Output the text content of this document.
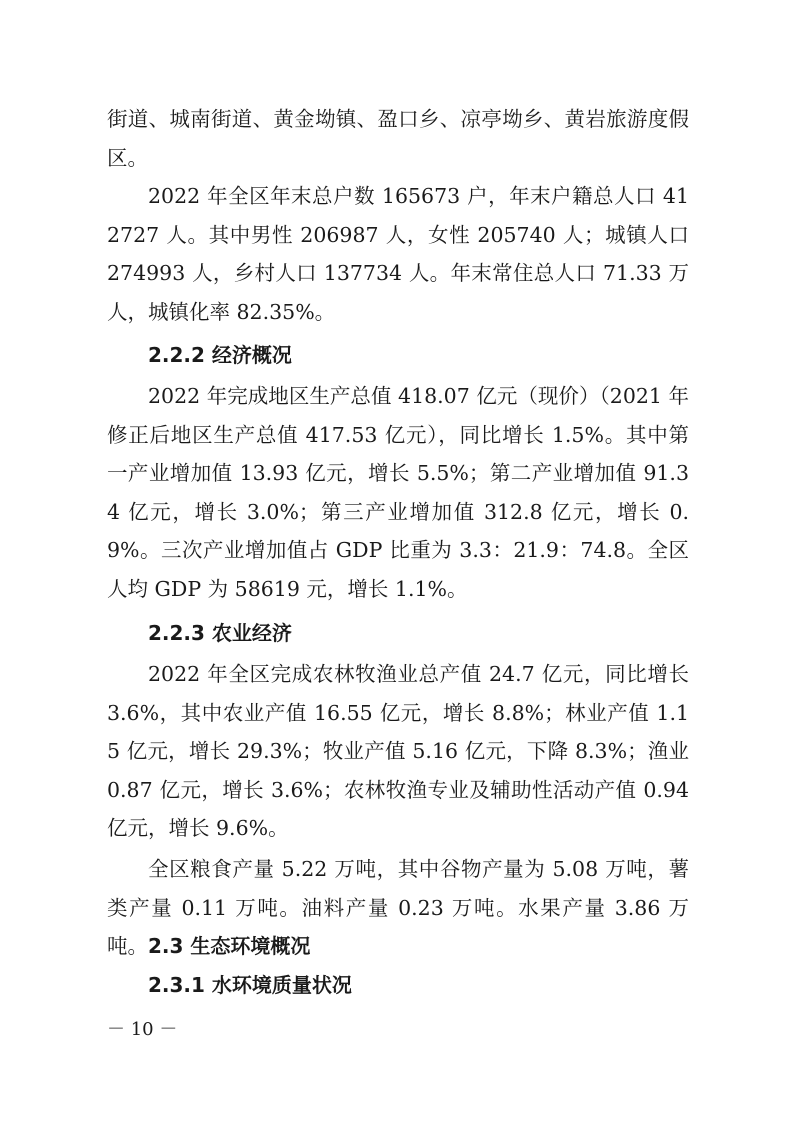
街道、城南街道、黄金坳镇、盈口乡、凉亭坳乡、黄岩旅游度假区。

2022 年全区年末总户数 165673 户，年末户籍总人口 412727 人。其中男性 206987 人，女性 205740 人；城镇人口 274993 人，乡村人口 137734 人。年末常住总人口 71.33 万人，城镇化率 82.35%。

2.2.2 经济概况

2022 年完成地区生产总值 418.07 亿元（现价）（2021 年修正后地区生产总值 417.53 亿元），同比增长 1.5%。其中第一产业增加值 13.93 亿元，增长 5.5%；第二产业增加值 91.34 亿元，增长 3.0%；第三产业增加值 312.8 亿元，增长 0.9%。三次产业增加值占 GDP 比重为 3.3：21.9：74.8。全区人均 GDP 为 58619 元，增长 1.1%。

2.2.3 农业经济

2022 年全区完成农林牧渔业总产值 24.7 亿元，同比增长 3.6%，其中农业产值 16.55 亿元，增长 8.8%；林业产值 1.15 亿元，增长 29.3%；牧业产值 5.16 亿元，下降 8.3%；渔业 0.87 亿元，增长 3.6%；农林牧渔专业及辅助性活动产值 0.94 亿元，增长 9.6%。

全区粮食产量 5.22 万吨，其中谷物产量为 5.08 万吨，薯类产量 0.11 万吨。油料产量 0.23 万吨。水果产量 3.86 万吨。 2.3 生态环境概况
2.3.1 水环境质量状况
－ 10 －
